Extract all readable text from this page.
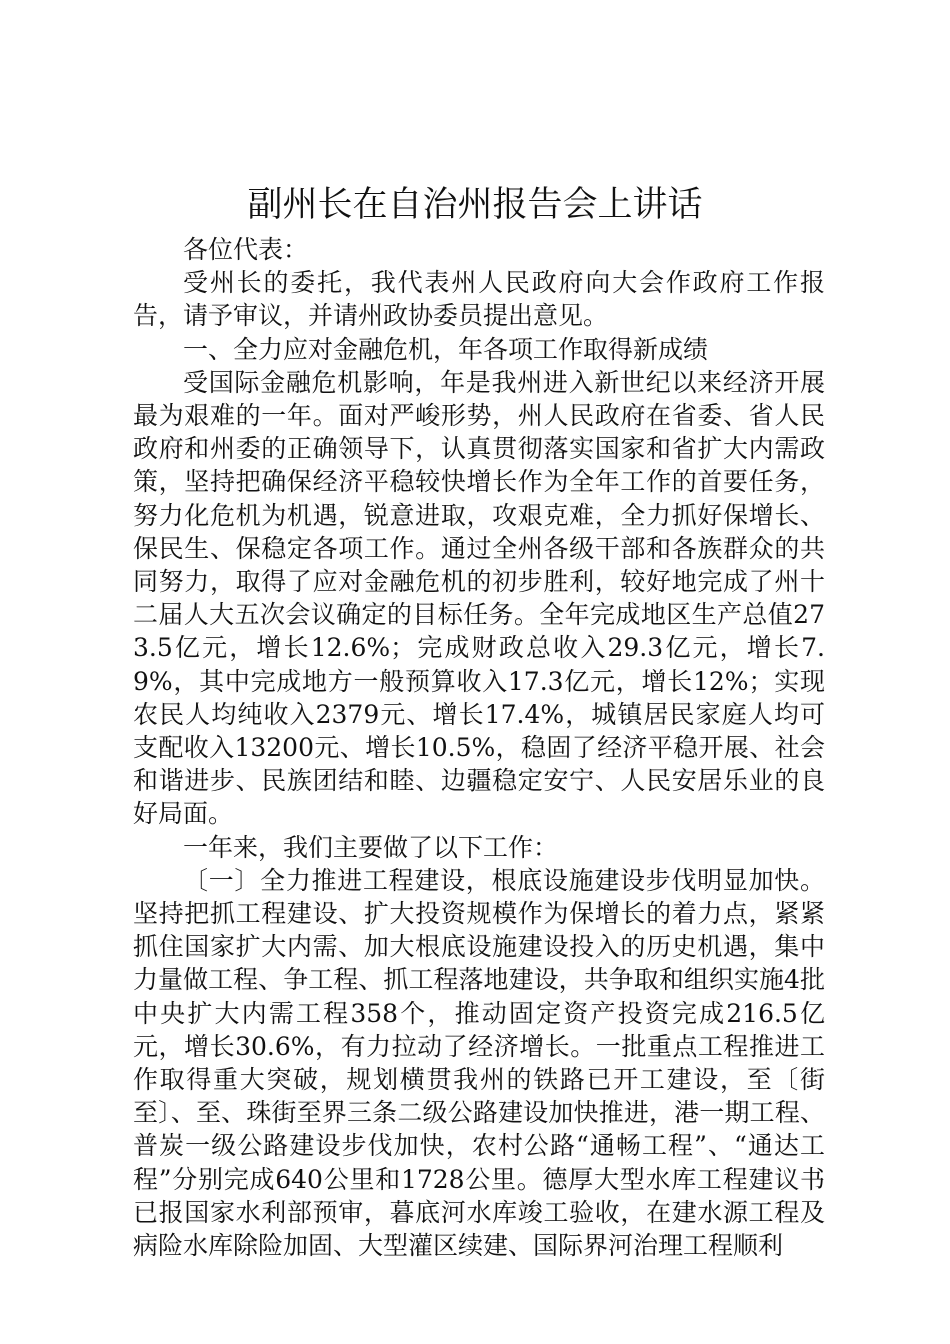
副州长在自治州报告会上讲话

各位代表：

受州长的委托，我代表州人民政府向大会作政府工作报告，请予审议，并请州政协委员提出意见。

一、全力应对金融危机，年各项工作取得新成绩

受国际金融危机影响，年是我州进入新世纪以来经济开展最为艰难的一年。面对严峻形势，州人民政府在省委、省人民政府和州委的正确领导下，认真贯彻落实国家和省扩大内需政策，坚持把确保经济平稳较快增长作为全年工作的首要任务，努力化危机为机遇，锐意进取，攻艰克难，全力抓好保增长、保民生、保稳定各项工作。通过全州各级干部和各族群众的共同努力，取得了应对金融危机的初步胜利，较好地完成了州十二届人大五次会议确定的目标任务。全年完成地区生产总值273.5亿元，增长12.6%；完成财政总收入29.3亿元，增长7.9%，其中完成地方一般预算收入17.3亿元，增长12%；实现农民人均纯收入2379元、增长17.4%，城镇居民家庭人均可支配收入13200元、增长10.5%，稳固了经济平稳开展、社会和谐进步、民族团结和睦、边疆稳定安宁、人民安居乐业的良好局面。

一年来，我们主要做了以下工作：

〔一〕全力推进工程建设，根底设施建设步伐明显加快。坚持把抓工程建设、扩大投资规模作为保增长的着力点，紧紧抓住国家扩大内需、加大根底设施建设投入的历史机遇，集中力量做工程、争工程、抓工程落地建设，共争取和组织实施4批中央扩大内需工程358个，推动固定资产投资完成216.5亿元，增长30.6%，有力拉动了经济增长。一批重点工程推进工作取得重大突破，规划横贯我州的铁路已开工建设，至〔街至〕、至、珠街至界三条二级公路建设加快推进，港一期工程、普炭一级公路建设步伐加快，农村公路“通畅工程”、“通达工程”分别完成640公里和1728公里。德厚大型水库工程建议书已报国家水利部预审，暮底河水库竣工验收，在建水源工程及病险水库除险加固、大型灌区续建、国际界河治理工程顺利
